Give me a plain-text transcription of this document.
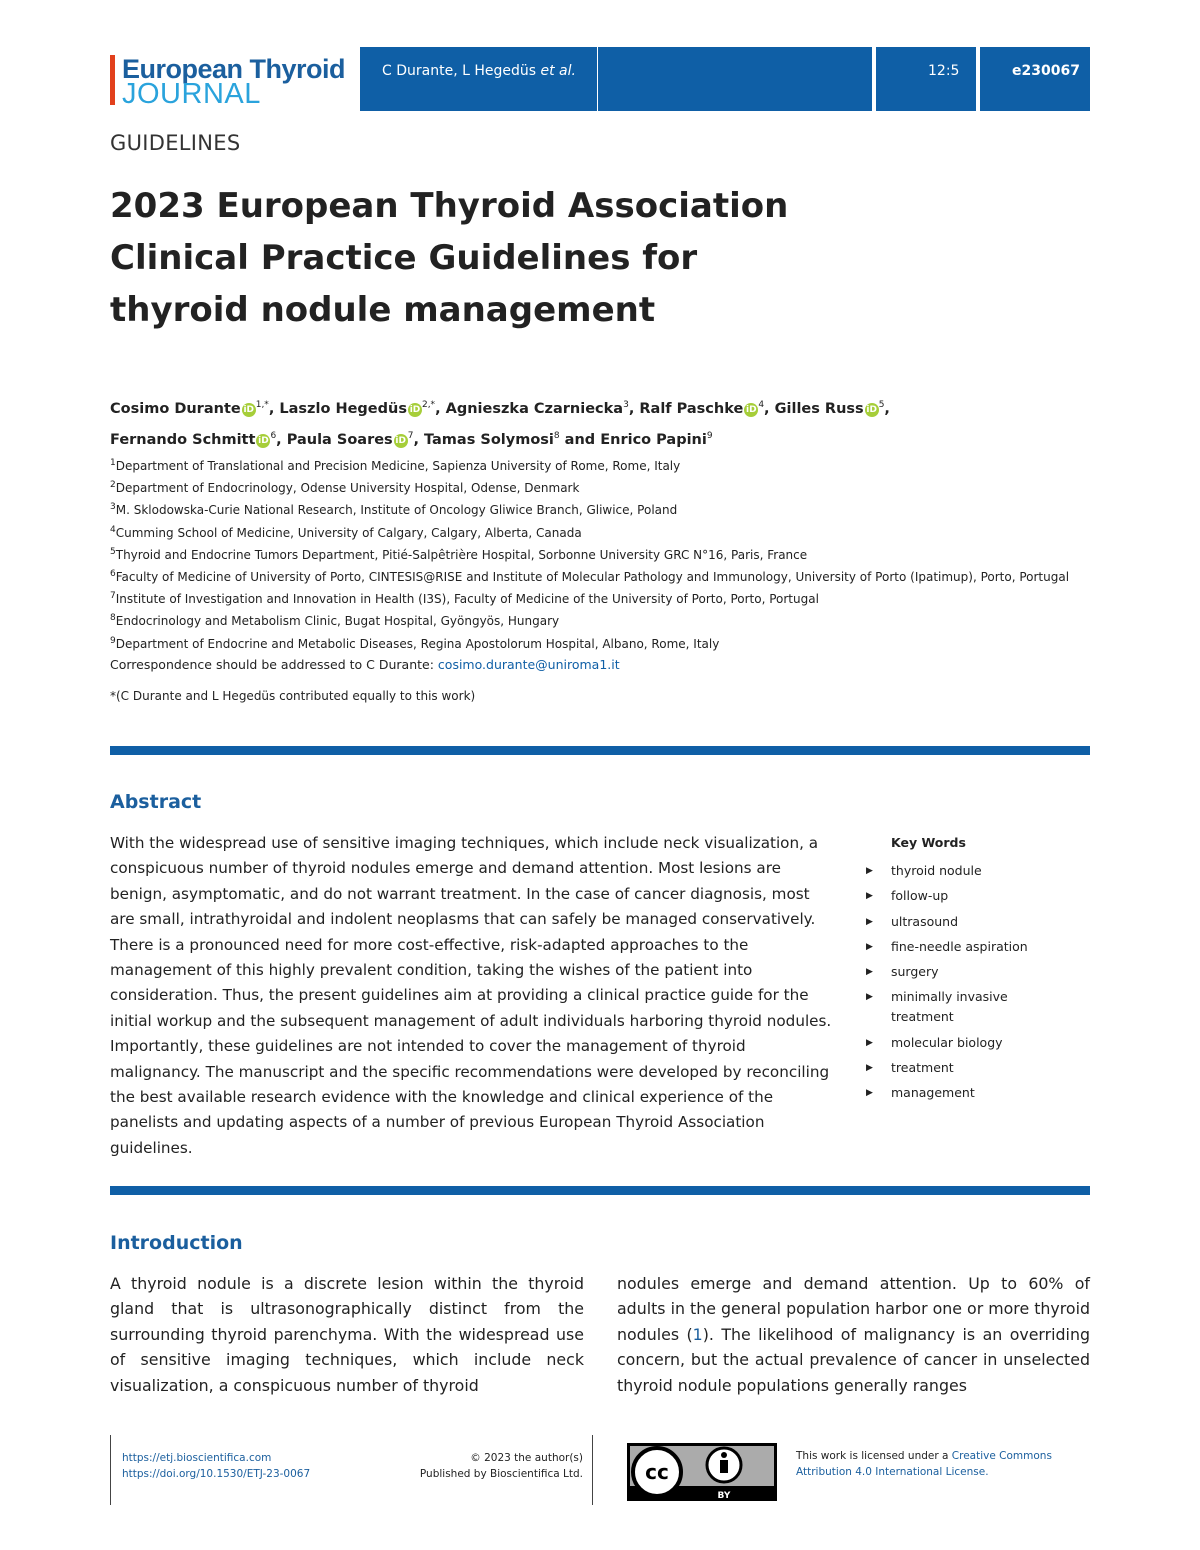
European Thyroid
JOURNAL
C Durante, L Hegedüs et al.	12:5	e230067
GUIDELINES
2023 European Thyroid Association
Clinical Practice Guidelines for
thyroid nodule management
Cosimo Durante iD $^{1,*}$, Laszlo Hegedüs iD $^{2,*}$, Agnieszka Czarniecka$^3$, Ralf Paschke iD $^4$, Gilles Russ iD $^5$,
Fernando Schmitt iD $^6$, Paula Soares iD $^7$, Tamas Solymosi$^8$ and Enrico Papini$^9$
$^1$Department of Translational and Precision Medicine, Sapienza University of Rome, Rome, Italy
$^2$Department of Endocrinology, Odense University Hospital, Odense, Denmark
$^3$M. Sklodowska-Curie National Research, Institute of Oncology Gliwice Branch, Gliwice, Poland
$^4$Cumming School of Medicine, University of Calgary, Calgary, Alberta, Canada
$^5$Thyroid and Endocrine Tumors Department, Pitié-Salpêtrière Hospital, Sorbonne University GRC N°16, Paris, France
$^6$Faculty of Medicine of University of Porto, CINTESIS@RISE and Institute of Molecular Pathology and Immunology, University of Porto (Ipatimup), Porto, Portugal
$^7$Institute of Investigation and Innovation in Health (I3S), Faculty of Medicine of the University of Porto, Porto, Portugal
$^8$Endocrinology and Metabolism Clinic, Bugat Hospital, Gyöngyös, Hungary
$^9$Department of Endocrine and Metabolic Diseases, Regina Apostolorum Hospital, Albano, Rome, Italy
Correspondence should be addressed to C Durante: cosimo.durante@uniroma1.it
*(C Durante and L Hegedüs contributed equally to this work)
Abstract
With the widespread use of sensitive imaging techniques, which include neck visualization, a conspicuous number of thyroid nodules emerge and demand attention. Most lesions are benign, asymptomatic, and do not warrant treatment. In the case of cancer diagnosis, most are small, intrathyroidal and indolent neoplasms that can safely be managed conservatively. There is a pronounced need for more cost-effective, risk-adapted approaches to the management of this highly prevalent condition, taking the wishes of the patient into consideration. Thus, the present guidelines aim at providing a clinical practice guide for the initial workup and the subsequent management of adult individuals harboring thyroid nodules. Importantly, these guidelines are not intended to cover the management of thyroid malignancy. The manuscript and the specific recommendations were developed by reconciling the best available research evidence with the knowledge and clinical experience of the panelists and updating aspects of a number of previous European Thyroid Association guidelines.
Key Words
▶ thyroid nodule
▶ follow-up
▶ ultrasound
▶ fine-needle aspiration
▶ surgery
▶ minimally invasive treatment
▶ molecular biology
▶ treatment
▶ management
Introduction
A thyroid nodule is a discrete lesion within the thyroid gland that is ultrasonographically distinct from the surrounding thyroid parenchyma. With the widespread use of sensitive imaging techniques, which include neck visualization, a conspicuous number of thyroid
nodules emerge and demand attention. Up to 60% of adults in the general population harbor one or more thyroid nodules (1). The likelihood of malignancy is an overriding concern, but the actual prevalence of cancer in unselected thyroid nodule populations generally ranges
https://etj.bioscientifica.com
https://doi.org/10.1530/ETJ-23-0067
© 2023 the author(s)
Published by Bioscientifica Ltd.	cc
BY
This work is licensed under a Creative Commons
Attribution 4.0 International License.
